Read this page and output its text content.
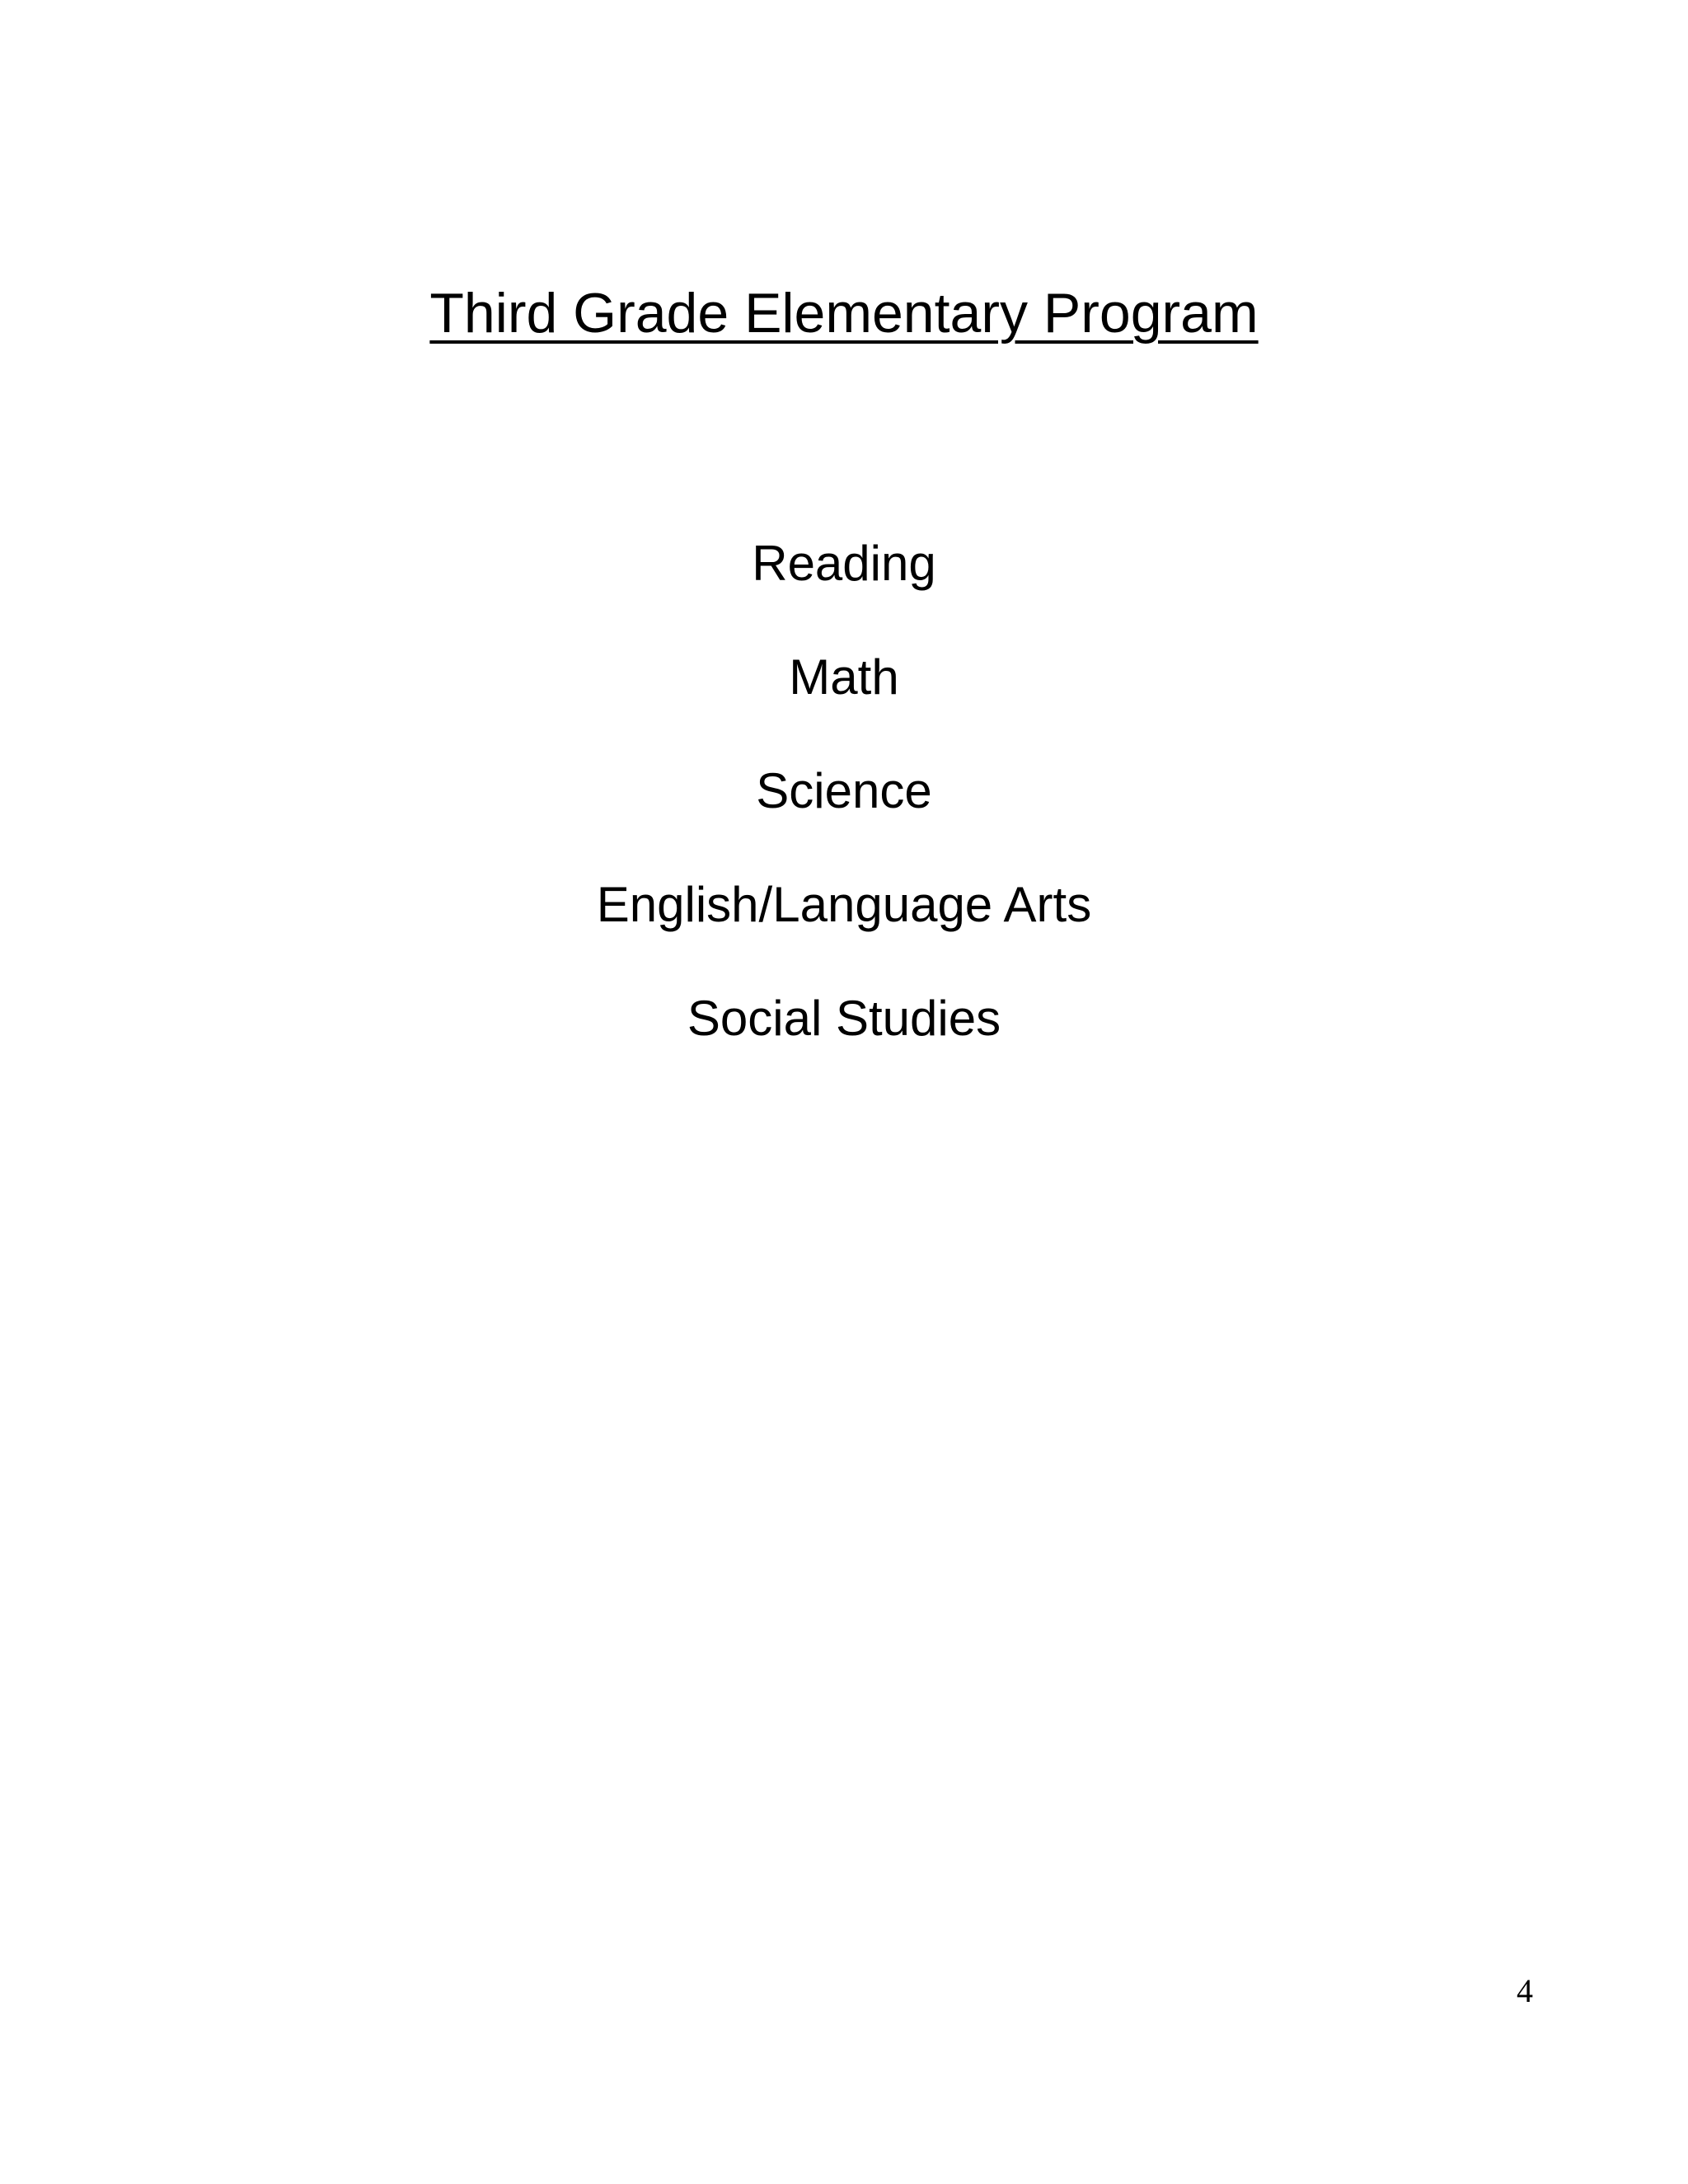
Third Grade Elementary Program
Reading
Math
Science
English/Language Arts
Social Studies
4
